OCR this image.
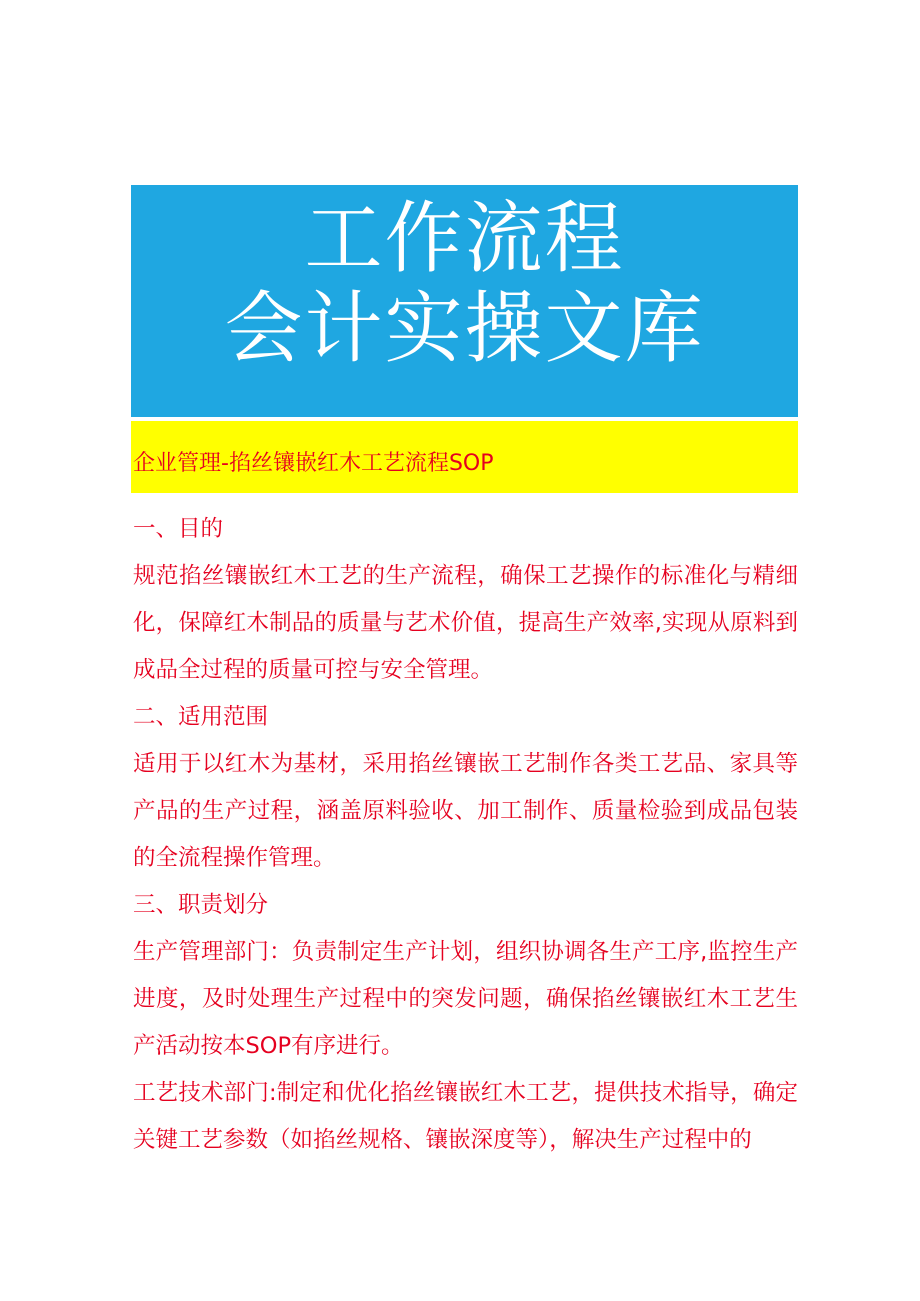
工作流程
会计实操文库
企业管理-掐丝镶嵌红木工艺流程SOP

一、目的

规范掐丝镶嵌红木工艺的生产流程，确保工艺操作的标准化与精细化，保障红木制品的质量与艺术价值，提高生产效率,实现从原料到成品全过程的质量可控与安全管理。

二、适用范围

适用于以红木为基材，采用掐丝镶嵌工艺制作各类工艺品、家具等产品的生产过程，涵盖原料验收、加工制作、质量检验到成品包装的全流程操作管理。

三、职责划分

生产管理部门：负责制定生产计划，组织协调各生产工序,监控生产进度，及时处理生产过程中的突发问题，确保掐丝镶嵌红木工艺生产活动按本SOP有序进行。

工艺技术部门:制定和优化掐丝镶嵌红木工艺，提供技术指导，确定关键工艺参数（如掐丝规格、镶嵌深度等），解决生产过程中的
